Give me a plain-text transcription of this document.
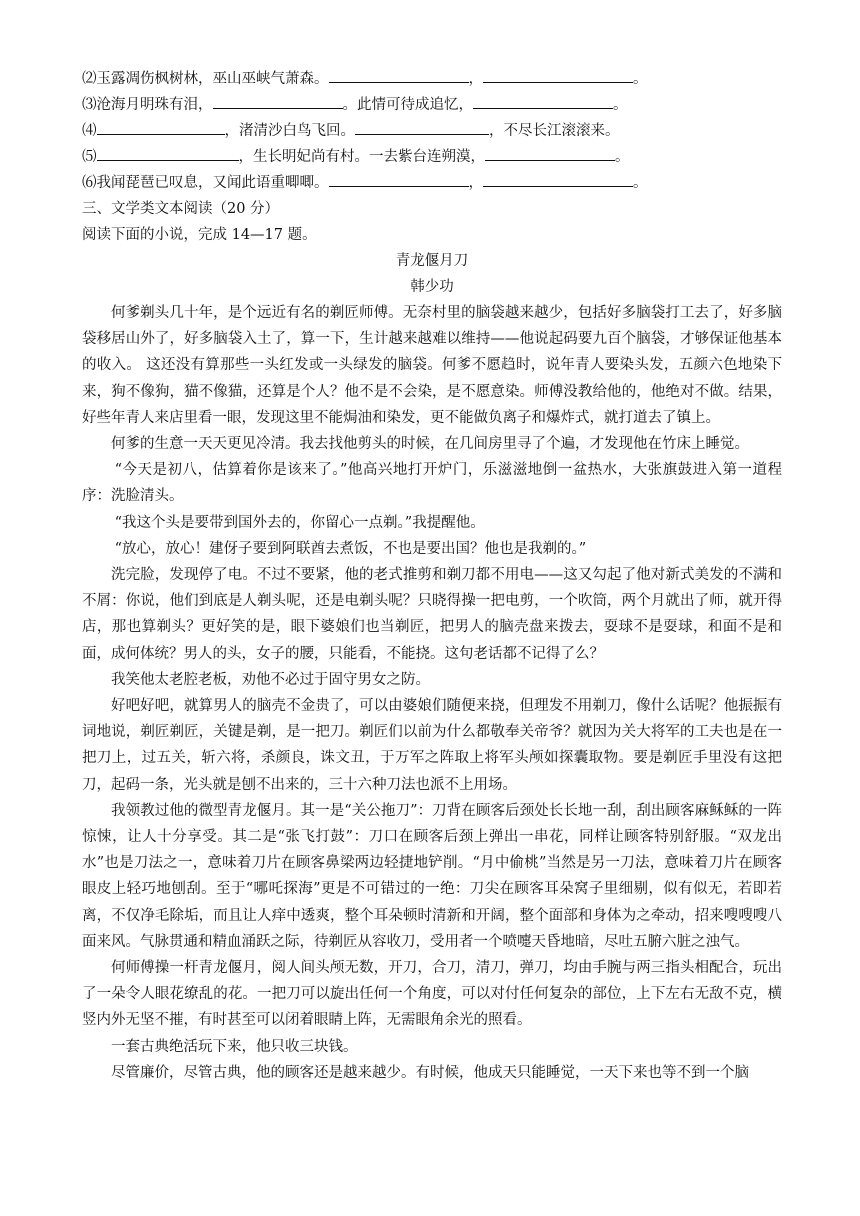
⑵玉露凋伤枫树林，巫山巫峡气萧森。	，	。
⑶沧海月明珠有泪，	。此情可待成追忆，	。
⑷	，渚清沙白鸟飞回。	，不尽长江滚滚来。
⑸	，生长明妃尚有村。一去紫台连朔漠，	。
⑹我闻琵琶已叹息，又闻此语重唧唧。	，	。
三、文学类文本阅读（20 分）
阅读下面的小说，完成 14—17 题。
青龙偃月刀
韩少功

何爹剃头几十年，是个远近有名的剃匠师傅。无奈村里的脑袋越来越少，包括好多脑袋打工去了，好多脑袋移居山外了，好多脑袋入土了，算一下，生计越来越难以维持——他说起码要九百个脑袋，才够保证他基本的收入。 这还没有算那些一头红发或一头绿发的脑袋。何爹不愿趋时，说年青人要染头发，五颜六色地染下来，狗不像狗，猫不像猫，还算是个人？他不是不会染，是不愿意染。师傅没教给他的，他绝对不做。结果，好些年青人来店里看一眼，发现这里不能焗油和染发，更不能做负离子和爆炸式，就打道去了镇上。

何爹的生意一天天更见冷清。我去找他剪头的时候，在几间房里寻了个遍，才发现他在竹床上睡觉。

“今天是初八，估算着你是该来了。”他高兴地打开炉门，乐滋滋地倒一盆热水，大张旗鼓进入第一道程序：洗脸清头。

“我这个头是要带到国外去的，你留心一点剃。”我提醒他。

“放心，放心！建伢子要到阿联酋去煮饭，不也是要出国？他也是我剃的。”

洗完脸，发现停了电。不过不要紧，他的老式推剪和剃刀都不用电——这又勾起了他对新式美发的不满和不屑：你说，他们到底是人剃头呢，还是电剃头呢？只晓得操一把电剪，一个吹筒，两个月就出了师，就开得店，那也算剃头？更好笑的是，眼下婆娘们也当剃匠，把男人的脑壳盘来拨去，耍球不是耍球，和面不是和面，成何体统？男人的头，女子的腰，只能看，不能挠。这句老话都不记得了么？

我笑他太老腔老板，劝他不必过于固守男女之防。

好吧好吧，就算男人的脑壳不金贵了，可以由婆娘们随便来挠，但理发不用剃刀，像什么话呢？他振振有词地说，剃匠剃匠，关键是剃，是一把刀。剃匠们以前为什么都敬奉关帝爷？就因为关大将军的工夫也是在一把刀上，过五关，斩六将，杀颜良，诛文丑，于万军之阵取上将军头颅如探囊取物。要是剃匠手里没有这把刀，起码一条，光头就是刨不出来的，三十六种刀法也派不上用场。

我领教过他的微型青龙偃月。其一是“关公拖刀”：刀背在顾客后颈处长长地一刮，刮出顾客麻稣稣的一阵惊悚，让人十分享受。其二是“张飞打鼓”：刀口在顾客后颈上弹出一串花，同样让顾客特别舒服。“双龙出水”也是刀法之一，意味着刀片在顾客鼻梁两边轻捷地铲削。“月中偷桃”当然是另一刀法，意味着刀片在顾客眼皮上轻巧地刨刮。至于“哪吒探海”更是不可错过的一绝：刀尖在顾客耳朵窝子里细剔，似有似无，若即若离，不仅净毛除垢，而且让人痒中透爽，整个耳朵顿时清新和开阔，整个面部和身体为之牵动，招来嗖嗖嗖八面来风。气脉贯通和精血涌跃之际，待剃匠从容收刀，受用者一个喷嚏天昏地暗，尽吐五腑六脏之浊气。

何师傅操一杆青龙偃月，阅人间头颅无数，开刀，合刀，清刀，弹刀，均由手腕与两三指头相配合，玩出了一朵令人眼花缭乱的花。一把刀可以旋出任何一个角度，可以对付任何复杂的部位，上下左右无敌不克，横竖内外无坚不摧，有时甚至可以闭着眼睛上阵，无需眼角余光的照看。

一套古典绝活玩下来，他只收三块钱。

尽管廉价，尽管古典，他的顾客还是越来越少。有时候，他成天只能睡觉，一天下来也等不到一个脑
